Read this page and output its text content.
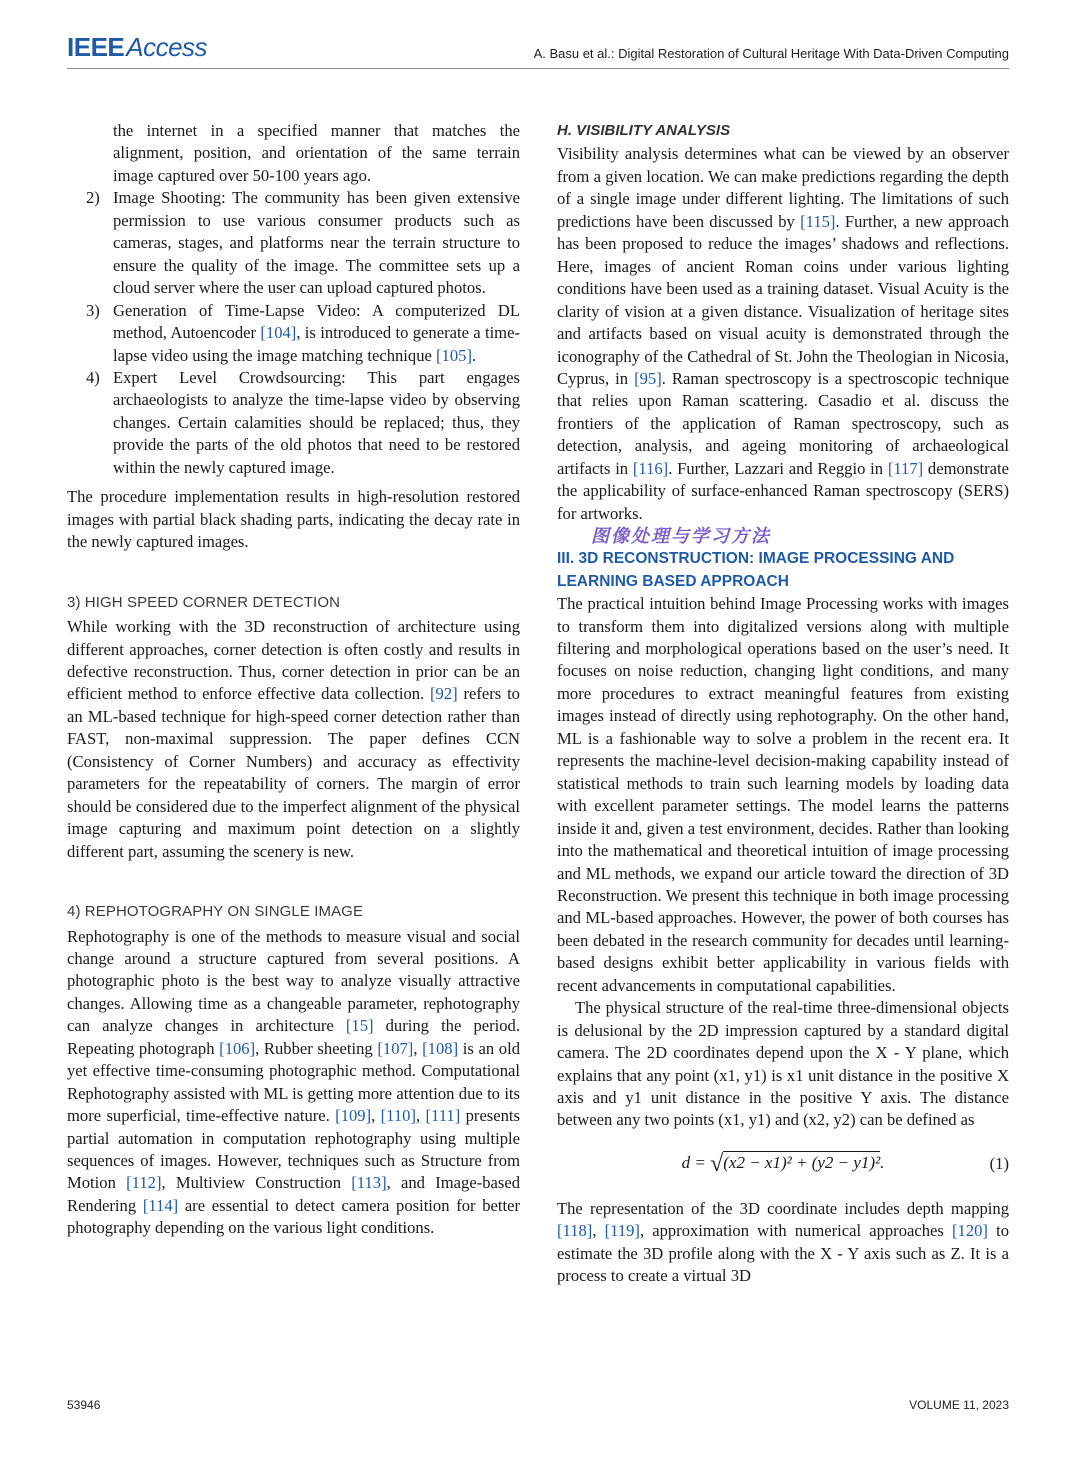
IEEE Access	A. Basu et al.: Digital Restoration of Cultural Heritage With Data-Driven Computing

the internet in a specified manner that matches the alignment, position, and orientation of the same terrain image captured over 50-100 years ago.

2) Image Shooting: The community has been given extensive permission to use various consumer products such as cameras, stages, and platforms near the terrain structure to ensure the quality of the image. The committee sets up a cloud server where the user can upload captured photos.
3) Generation of Time-Lapse Video: A computerized DL method, Autoencoder [104], is introduced to generate a time-lapse video using the image matching technique [105].
4) Expert Level Crowdsourcing: This part engages archaeologists to analyze the time-lapse video by observing changes. Certain calamities should be replaced; thus, they provide the parts of the old photos that need to be restored within the newly captured image.

The procedure implementation results in high-resolution restored images with partial black shading parts, indicating the decay rate in the newly captured images.

3) HIGH SPEED CORNER DETECTION

While working with the 3D reconstruction of architecture using different approaches, corner detection is often costly and results in defective reconstruction. Thus, corner detection in prior can be an efficient method to enforce effective data collection. [92] refers to an ML-based technique for high-speed corner detection rather than FAST, non-maximal suppression. The paper defines CCN (Consistency of Corner Numbers) and accuracy as effectivity parameters for the repeatability of corners. The margin of error should be considered due to the imperfect alignment of the physical image capturing and maximum point detection on a slightly different part, assuming the scenery is new.

4) REPHOTOGRAPHY ON SINGLE IMAGE

Rephotography is one of the methods to measure visual and social change around a structure captured from several positions. A photographic photo is the best way to analyze visually attractive changes. Allowing time as a changeable parameter, rephotography can analyze changes in architecture [15] during the period. Repeating photograph [106], Rubber sheeting [107], [108] is an old yet effective time-consuming photographic method. Computational Rephotography assisted with ML is getting more attention due to its more superficial, time-effective nature. [109], [110], [111] presents partial automation in computation rephotography using multiple sequences of images. However, techniques such as Structure from Motion [112], Multiview Construction [113], and Image-based Rendering [114] are essential to detect camera position for better photography depending on the various light conditions.

H. VISIBILITY ANALYSIS

Visibility analysis determines what can be viewed by an observer from a given location. We can make predictions regarding the depth of a single image under different lighting. The limitations of such predictions have been discussed by [115]. Further, a new approach has been proposed to reduce the images’ shadows and reflections. Here, images of ancient Roman coins under various lighting conditions have been used as a training dataset. Visual Acuity is the clarity of vision at a given distance. Visualization of heritage sites and artifacts based on visual acuity is demonstrated through the iconography of the Cathedral of St. John the Theologian in Nicosia, Cyprus, in [95]. Raman spectroscopy is a spectroscopic technique that relies upon Raman scattering. Casadio et al. discuss the frontiers of the application of Raman spectroscopy, such as detection, analysis, and ageing monitoring of archaeological artifacts in [116]. Further, Lazzari and Reggio in [117] demonstrate the applicability of surface-enhanced Raman spectroscopy (SERS) for artworks.

图像处理与学习方法
III. 3D RECONSTRUCTION: IMAGE PROCESSING AND
LEARNING BASED APPROACH

The practical intuition behind Image Processing works with images to transform them into digitalized versions along with multiple filtering and morphological operations based on the user’s need. It focuses on noise reduction, changing light conditions, and many more procedures to extract meaningful features from existing images instead of directly using rephotography. On the other hand, ML is a fashionable way to solve a problem in the recent era. It represents the machine-level decision-making capability instead of statistical methods to train such learning models by loading data with excellent parameter settings. The model learns the patterns inside it and, given a test environment, decides. Rather than looking into the mathematical and theoretical intuition of image processing and ML methods, we expand our article toward the direction of 3D Reconstruction. We present this technique in both image processing and ML-based approaches. However, the power of both courses has been debated in the research community for decades until learning-based designs exhibit better applicability in various fields with recent advancements in computational capabilities.

The physical structure of the real-time three-dimensional objects is delusional by the 2D impression captured by a standard digital camera. The 2D coordinates depend upon the X - Y plane, which explains that any point (x1, y1) is x1 unit distance in the positive X axis and y1 unit distance in the positive Y axis. The distance between any two points (x1, y1) and (x2, y2) can be defined as

d = √(x2 − x1)² + (y2 − y1)².	(1)

The representation of the 3D coordinate includes depth mapping [118], [119], approximation with numerical approaches [120] to estimate the 3D profile along with the X - Y axis such as Z. It is a process to create a virtual 3D

53946	VOLUME 11, 2023
